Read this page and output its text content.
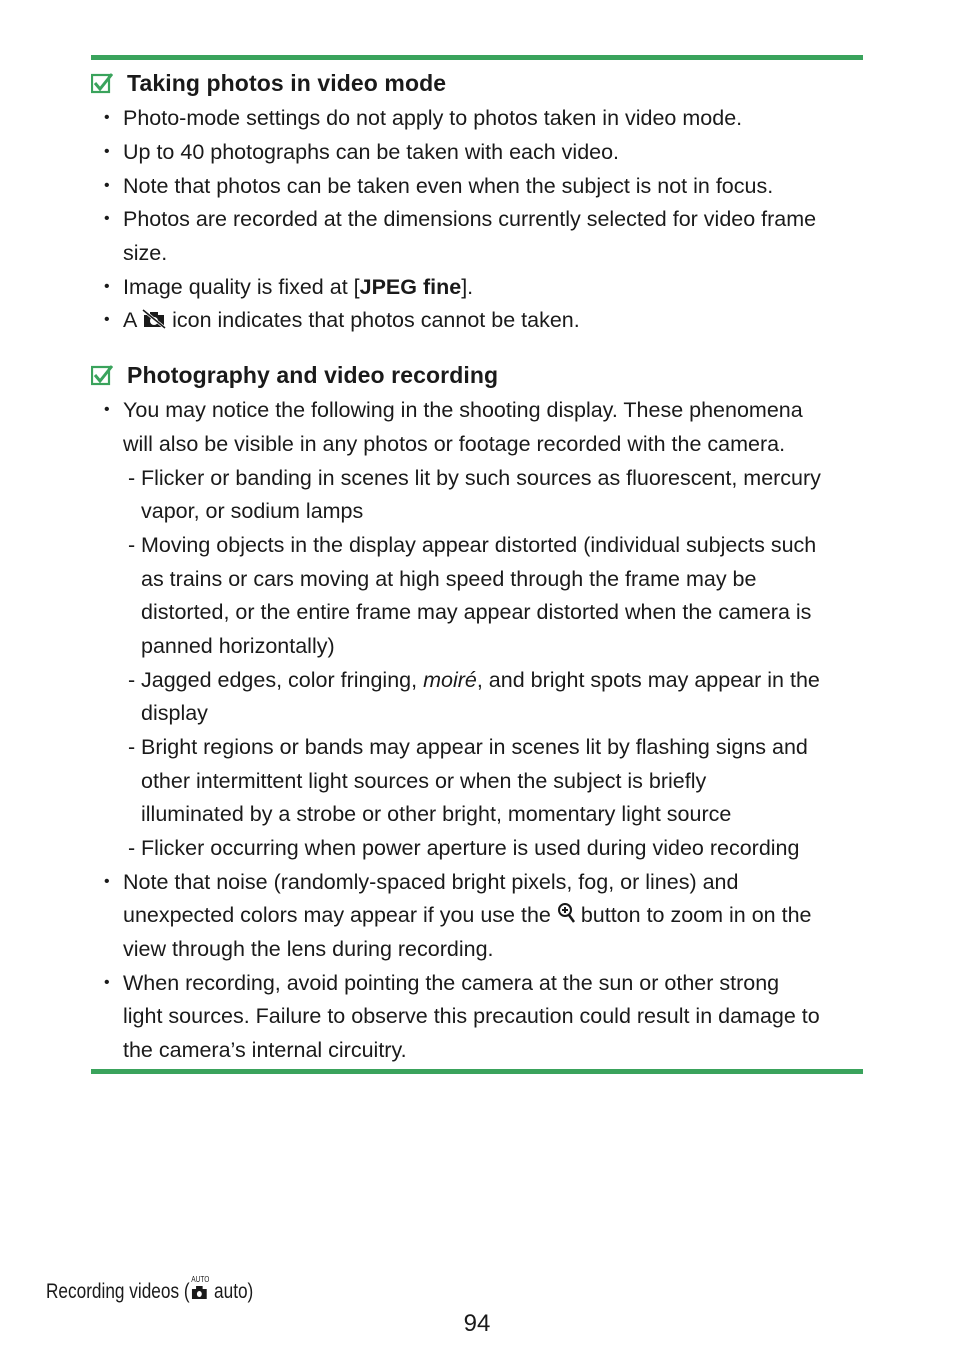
Taking photos in video mode
• Photo-mode settings do not apply to photos taken in video mode.
• Up to 40 photographs can be taken with each video.
• Note that photos can be taken even when the subject is not in focus.
• Photos are recorded at the dimensions currently selected for video frame
size.
• Image quality is fixed at [JPEG fine].
• A  icon indicates that photos cannot be taken.
Photography and video recording
• You may notice the following in the shooting display. These phenomena
will also be visible in any photos or footage recorded with the camera.
- Flicker or banding in scenes lit by such sources as fluorescent, mercury
vapor, or sodium lamps
- Moving objects in the display appear distorted (individual subjects such
as trains or cars moving at high speed through the frame may be
distorted, or the entire frame may appear distorted when the camera is
panned horizontally)
- Jagged edges, color fringing, moiré, and bright spots may appear in the
display
- Bright regions or bands may appear in scenes lit by flashing signs and
other intermittent light sources or when the subject is briefly
illuminated by a strobe or other bright, momentary light source
- Flicker occurring when power aperture is used during video recording
• Note that noise (randomly-spaced bright pixels, fog, or lines) and
unexpected colors may appear if you use the  button to zoom in on the
view through the lens during recording.
• When recording, avoid pointing the camera at the sun or other strong
light sources. Failure to observe this precaution could result in damage to
the camera’s internal circuitry.
Recording videos (
AUTO
auto)
94
